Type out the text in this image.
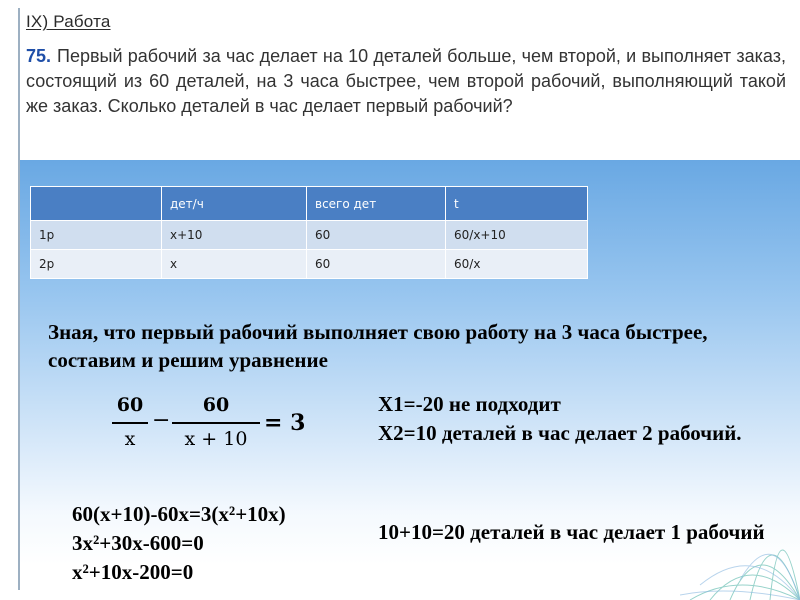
IX) Работа
75. Первый рабочий за час делает на 10 деталей больше, чем второй, и выполняет заказ, состоящий из 60 деталей, на 3 часа быстрее, чем второй рабочий, выполняющий такой же заказ. Сколько деталей в час делает первый рабочий?
	дет/ч	всего дет	t
1р	x+10	60	60/x+10
2р	x	60	60/x
Зная, что первый рабочий выполняет свою работу на 3 часа быстрее, составим и решим уравнение
60
x
−
60
x + 10
= 3
X1=-20 не подходит
X2=10 деталей в час делает 2 рабочий.
60(x+10)-60x=3(x²+10x)
3x²+30x-600=0
x²+10x-200=0
10+10=20 деталей в час делает 1 рабочий
